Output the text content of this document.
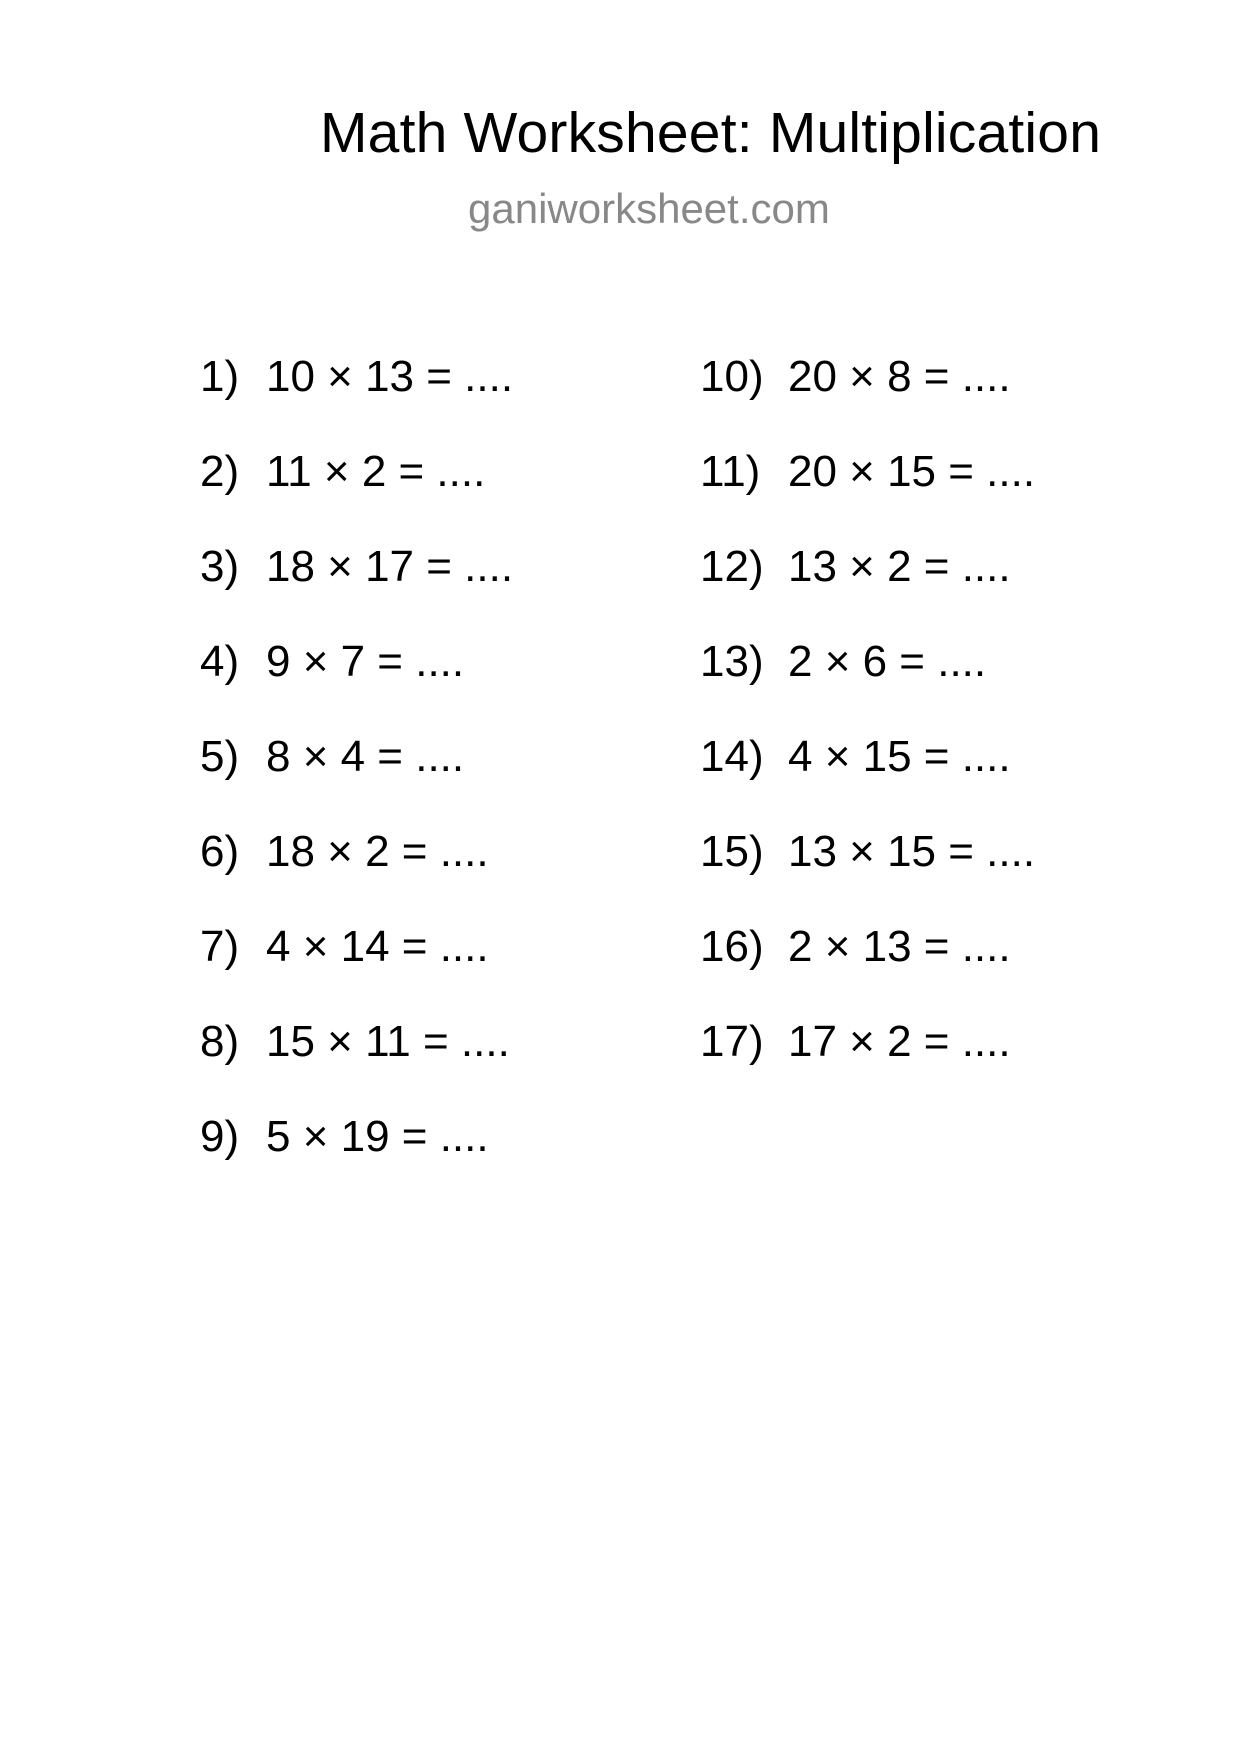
Math Worksheet: Multiplication
ganiworksheet.com
1) 10 × 13 = ....
2) 11 × 2 = ....
3) 18 × 17 = ....
4) 9 × 7 = ....
5) 8 × 4 = ....
6) 18 × 2 = ....
7) 4 × 14 = ....
8) 15 × 11 = ....
9) 5 × 19 = ....
10) 20 × 8 = ....
11) 20 × 15 = ....
12) 13 × 2 = ....
13) 2 × 6 = ....
14) 4 × 15 = ....
15) 13 × 15 = ....
16) 2 × 13 = ....
17) 17 × 2 = ....
